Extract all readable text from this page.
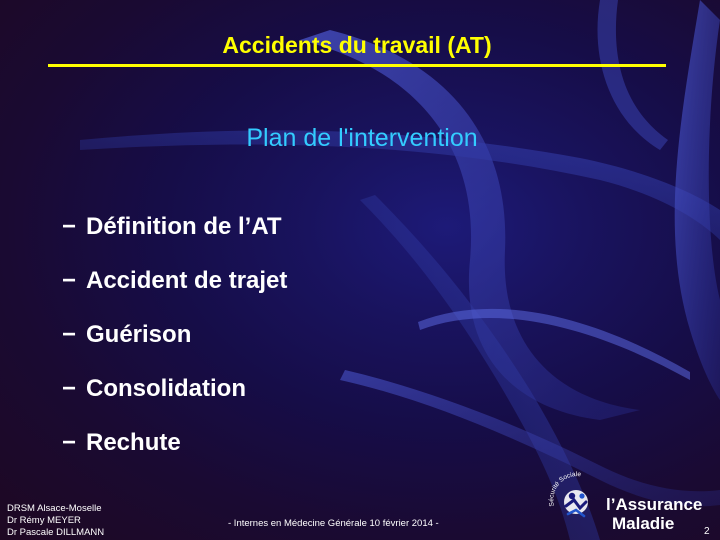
Accidents du travail (AT)
Plan de l'intervention
− Définition de l’AT
− Accident de trajet
− Guérison
− Consolidation
− Rechute
DRSM Alsace-Moselle
Dr Rémy MEYER
Dr Pascale DILLMANN
- Internes en Médecine Générale 10 février 2014 -
Sécurité Sociale
l’Assurance
Maladie	2
